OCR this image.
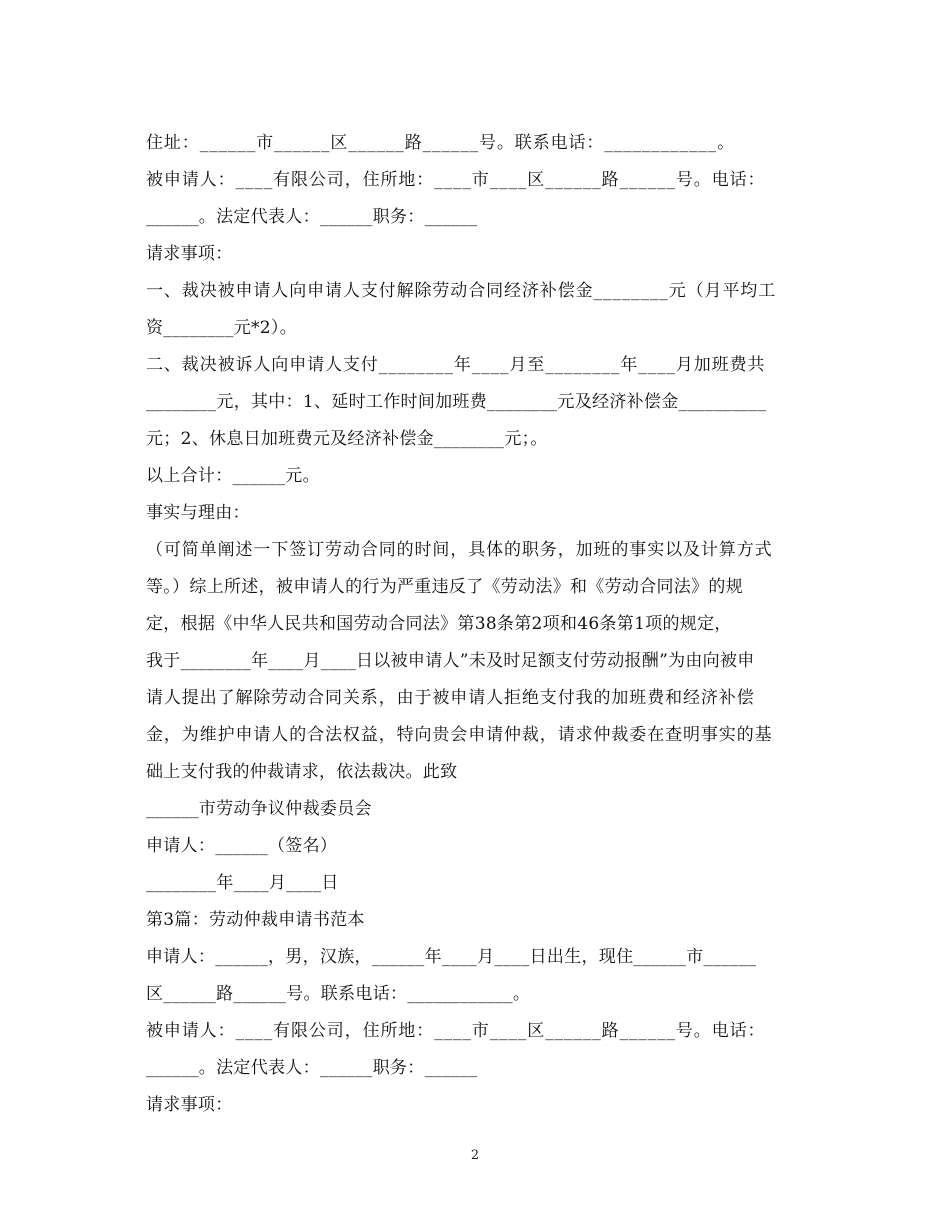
住址：______市______区______路______号。联系电话：____________。
被申请人：____有限公司，住所地：____市____区______路______号。电话：
______。法定代表人：______职务：______
请求事项：
一、裁决被申请人向申请人支付解除劳动合同经济补偿金________元（月平均工
资________元*2）。
二、裁决被诉人向申请人支付________年____月至________年____月加班费共
________元，其中：1、延时工作时间加班费________元及经济补偿金__________
元；2、休息日加班费元及经济补偿金________元；。
以上合计：______元。
事实与理由：
（可简单阐述一下签订劳动合同的时间，具体的职务，加班的事实以及计算方式
等。）综上所述，被申请人的行为严重违反了《劳动法》和《劳动合同法》的规
定，根据《中华人民共和国劳动合同法》第38条第2项和46条第1项的规定，
我于________年____月____日以被申请人”未及时足额支付劳动报酬”为由向被申
请人提出了解除劳动合同关系，由于被申请人拒绝支付我的加班费和经济补偿
金，为维护申请人的合法权益，特向贵会申请仲裁，请求仲裁委在查明事实的基
础上支付我的仲裁请求，依法裁决。此致
______市劳动争议仲裁委员会
申请人：______（签名）
________年____月____日
第3篇：劳动仲裁申请书范本
申请人：______，男，汉族，______年____月____日出生，现住______市______
区______路______号。联系电话：____________。
被申请人：____有限公司，住所地：____市____区______路______号。电话：
______。法定代表人：______职务：______
请求事项：
2
